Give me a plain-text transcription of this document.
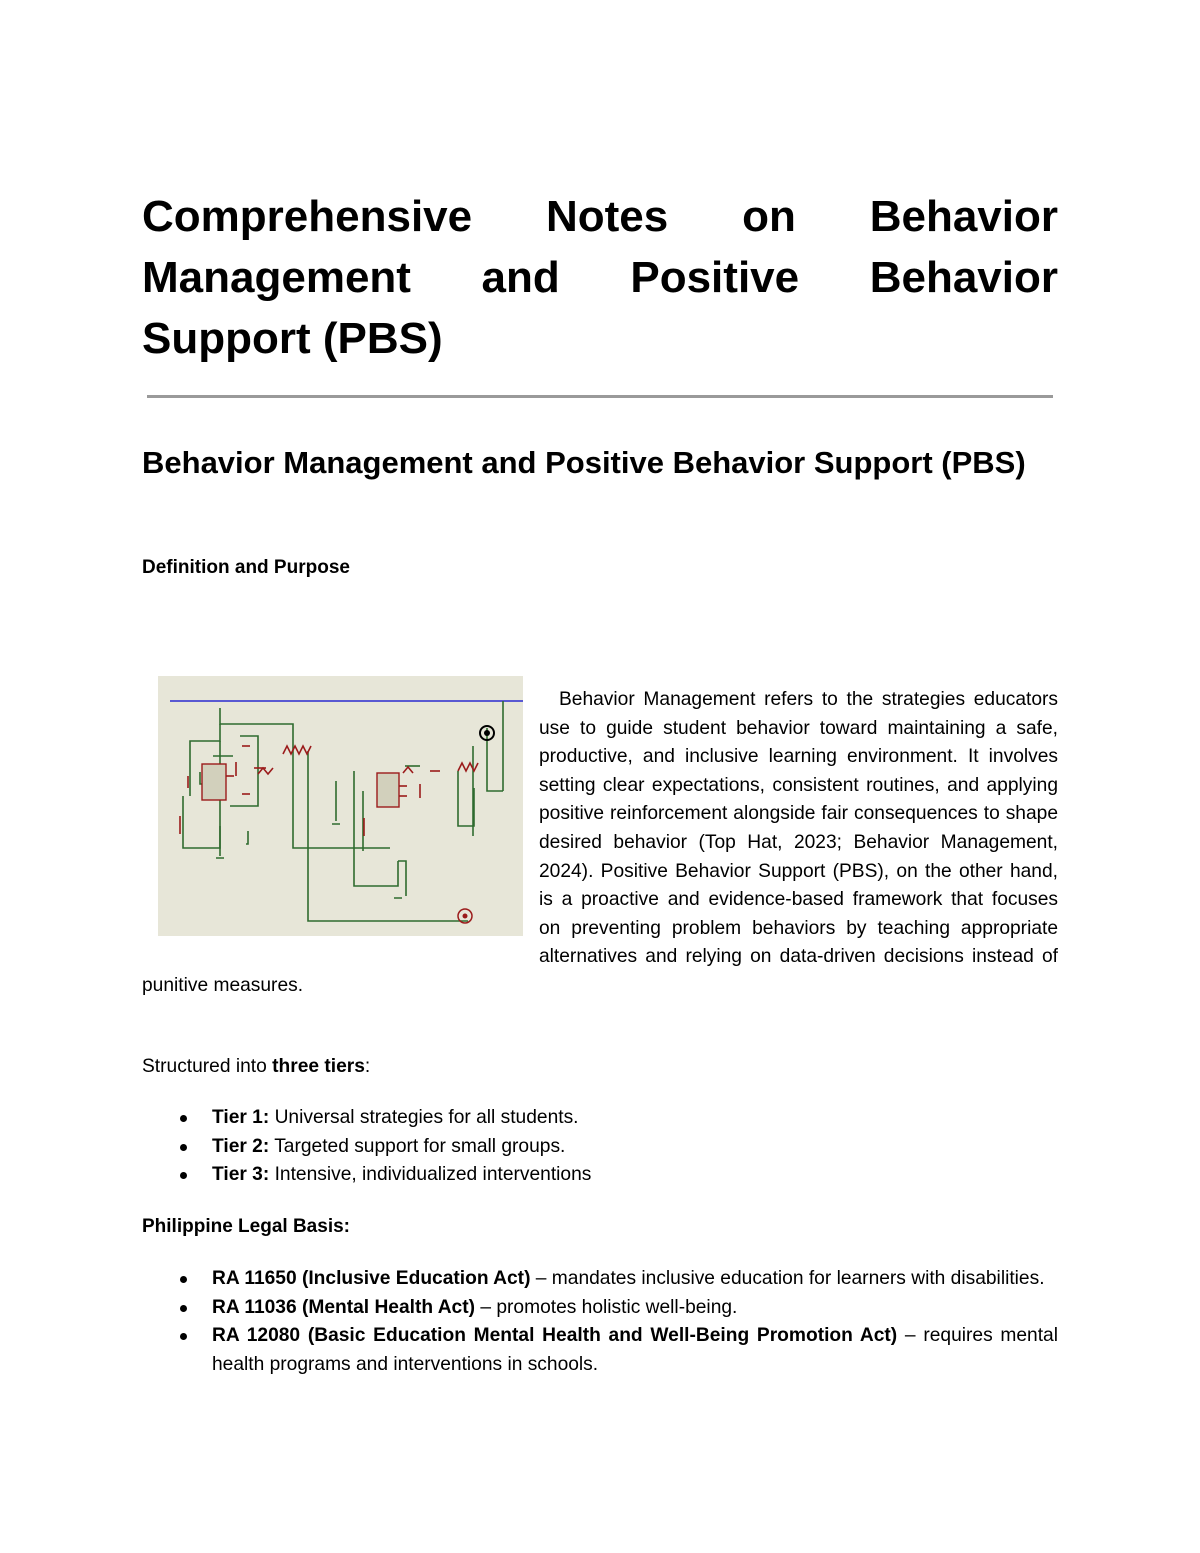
Comprehensive Notes on Behavior Management and Positive Behavior Support (PBS)
Behavior Management and Positive Behavior Support (PBS)
Definition and Purpose

Behavior Management refers to the strategies educators use to guide student behavior toward maintaining a safe, productive, and inclusive learning environment. It involves setting clear expectations, consistent routines, and applying positive reinforcement alongside fair consequences to shape desired behavior (Top Hat, 2023; Behavior Management, 2024). Positive Behavior Support (PBS), on the other hand, is a proactive and evidence-based framework that focuses on preventing problem behaviors by teaching appropriate alternatives and relying on data-driven decisions instead of punitive measures.

Structured into three tiers:

Tier 1: Universal strategies for all students.
Tier 2: Targeted support for small groups.
Tier 3: Intensive, individualized interventions
Philippine Legal Basis:
RA 11650 (Inclusive Education Act) – mandates inclusive education for learners with disabilities.
RA 11036 (Mental Health Act) – promotes holistic well-being.
RA 12080 (Basic Education Mental Health and Well-Being Promotion Act) – requires mental health programs and interventions in schools.
